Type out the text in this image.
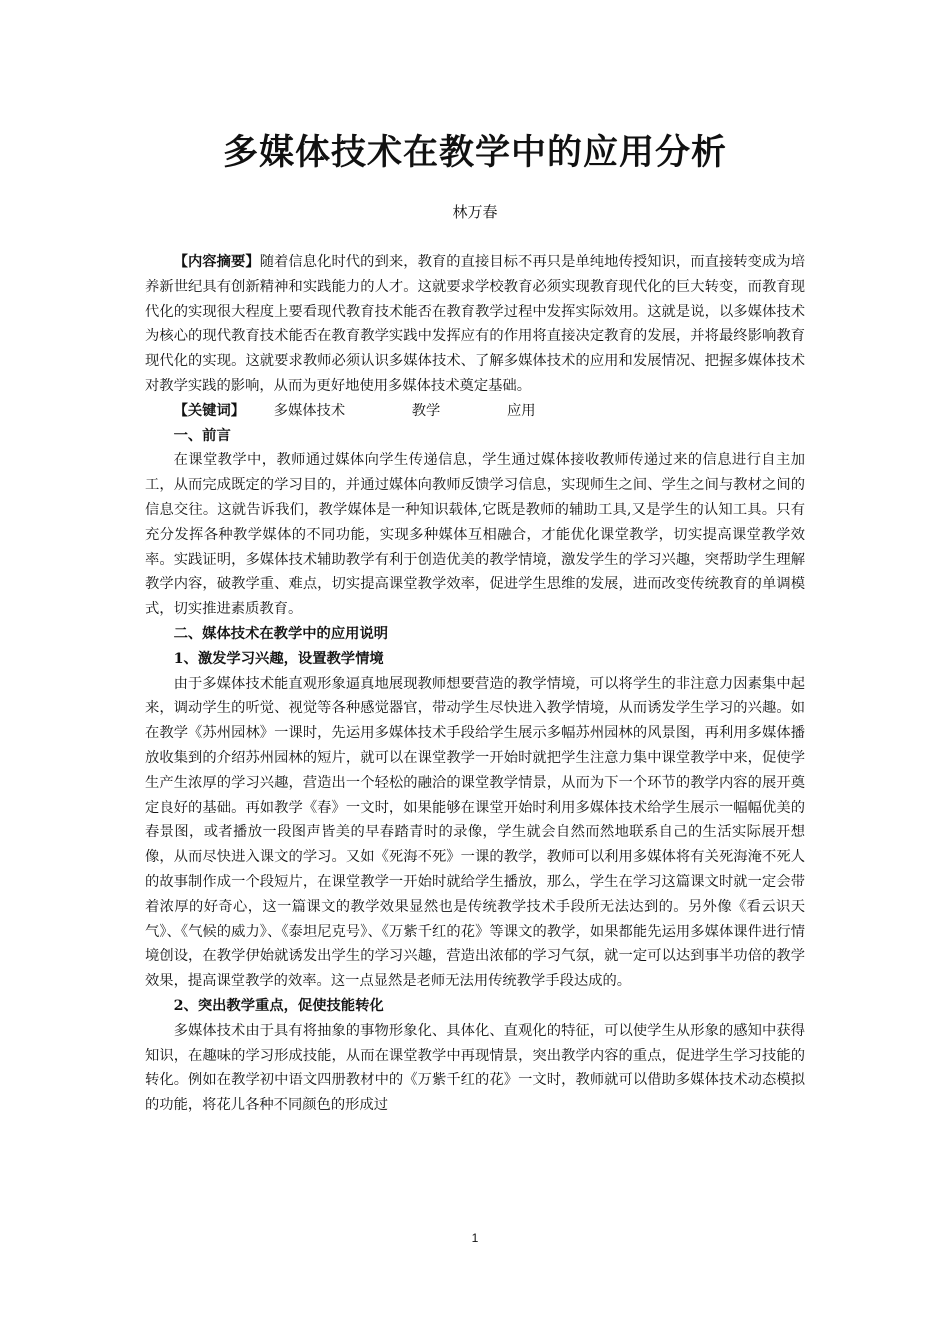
多媒体技术在教学中的应用分析
林万春

【内容摘要】随着信息化时代的到来，教育的直接目标不再只是单纯地传授知识，而直接转变成为培养新世纪具有创新精神和实践能力的人才。这就要求学校教育必须实现教育现代化的巨大转变，而教育现代化的实现很大程度上要看现代教育技术能否在教育教学过程中发挥实际效用。这就是说，以多媒体技术为核心的现代教育技术能否在教育教学实践中发挥应有的作用将直接决定教育的发展，并将最终影响教育现代化的实现。这就要求教师必须认识多媒体技术、了解多媒体技术的应用和发展情况、把握多媒体技术对教学实践的影响，从而为更好地使用多媒体技术奠定基础。

【关键词】 多媒体技术	教学	应用

一、前言

在课堂教学中，教师通过媒体向学生传递信息，学生通过媒体接收教师传递过来的信息进行自主加工，从而完成既定的学习目的，并通过媒体向教师反馈学习信息，实现师生之间、学生之间与教材之间的信息交往。这就告诉我们，教学媒体是一种知识载体,它既是教师的辅助工具,又是学生的认知工具。只有充分发挥各种教学媒体的不同功能，实现多种媒体互相融合，才能优化课堂教学，切实提高课堂教学效率。实践证明，多媒体技术辅助教学有利于创造优美的教学情境，激发学生的学习兴趣，突帮助学生理解教学内容，破教学重、难点，切实提高课堂教学效率，促进学生思维的发展，进而改变传统教育的单调模式，切实推进素质教育。

二、媒体技术在教学中的应用说明

1、激发学习兴趣，设置教学情境

由于多媒体技术能直观形象逼真地展现教师想要营造的教学情境，可以将学生的非注意力因素集中起来，调动学生的听觉、视觉等各种感觉器官，带动学生尽快进入教学情境，从而诱发学生学习的兴趣。如在教学《苏州园林》一课时，先运用多媒体技术手段给学生展示多幅苏州园林的风景图，再利用多媒体播放收集到的介绍苏州园林的短片，就可以在课堂教学一开始时就把学生注意力集中课堂教学中来，促使学生产生浓厚的学习兴趣，营造出一个轻松的融洽的课堂教学情景，从而为下一个环节的教学内容的展开奠定良好的基础。再如教学《春》一文时，如果能够在课堂开始时利用多媒体技术给学生展示一幅幅优美的春景图，或者播放一段图声皆美的早春踏青时的录像，学生就会自然而然地联系自己的生活实际展开想像，从而尽快进入课文的学习。又如《死海不死》一课的教学，教师可以利用多媒体将有关死海淹不死人的故事制作成一个段短片，在课堂教学一开始时就给学生播放，那么，学生在学习这篇课文时就一定会带着浓厚的好奇心，这一篇课文的教学效果显然也是传统教学技术手段所无法达到的。另外像《看云识天气》、《气候的威力》、《泰坦尼克号》、《万紫千红的花》等课文的教学，如果都能先运用多媒体课件进行情境创设，在教学伊始就诱发出学生的学习兴趣，营造出浓郁的学习气氛，就一定可以达到事半功倍的教学效果，提高课堂教学的效率。这一点显然是老师无法用传统教学手段达成的。

2、突出教学重点，促使技能转化

多媒体技术由于具有将抽象的事物形象化、具体化、直观化的特征，可以使学生从形象的感知中获得知识，在趣味的学习形成技能，从而在课堂教学中再现情景，突出教学内容的重点，促进学生学习技能的转化。例如在教学初中语文四册教材中的《万紫千红的花》一文时，教师就可以借助多媒体技术动态模拟的功能，将花儿各种不同颜色的形成过

1
